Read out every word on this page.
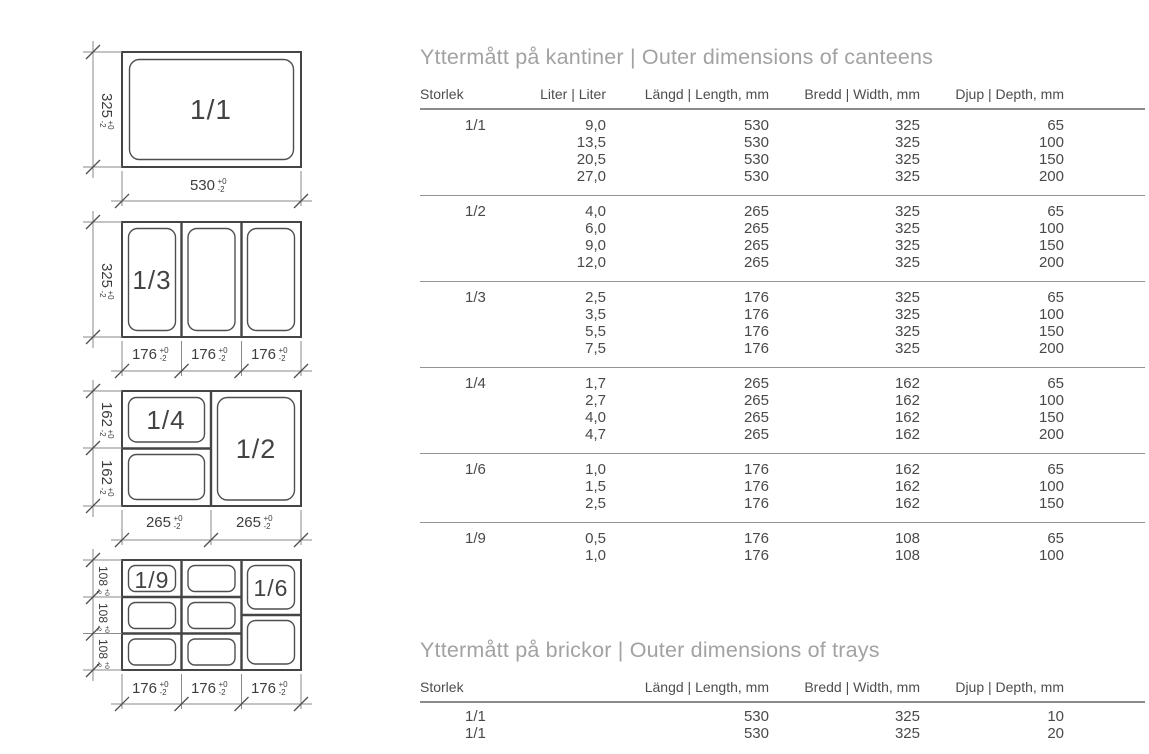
1/1
1/3
1/4
1/2
1/9	1/6
325
+0
-2
530 +0
-2
325
+0
-2
176 +0
-2 176 +0
-2 176 +0
-2
162
+0
-2
162
+0
-2
265 +0
-2	265 +0
-2
108
+0
-2
108
+0
-2
108
+0
-2
176 +0
-2 176 +0
-2 176 +0
-2
Yttermått på kantiner | Outer dimensions of canteens
Storlek	Liter | Liter	Längd | Length, mm	Bredd | Width, mm	Djup | Depth, mm	
1/1	9,0	530	325	65	
	13,5	530	325	100	
	20,5	530	325	150	
	27,0	530	325	200	
1/2	4,0	265	325	65	
	6,0	265	325	100	
	9,0	265	325	150	
	12,0	265	325	200	
1/3	2,5	176	325	65	
	3,5	176	325	100	
	5,5	176	325	150	
	7,5	176	325	200	
1/4	1,7	265	162	65	
	2,7	265	162	100	
	4,0	265	162	150	
	4,7	265	162	200	
1/6	1,0	176	162	65	
	1,5	176	162	100	
	2,5	176	162	150	
1/9	0,5	176	108	65	
	1,0	176	108	100	
Yttermått på brickor | Outer dimensions of trays
Storlek	Längd | Length, mm	Bredd | Width, mm	Djup | Depth, mm	
1/1	530	325	10	
1/1	530	325	20	
